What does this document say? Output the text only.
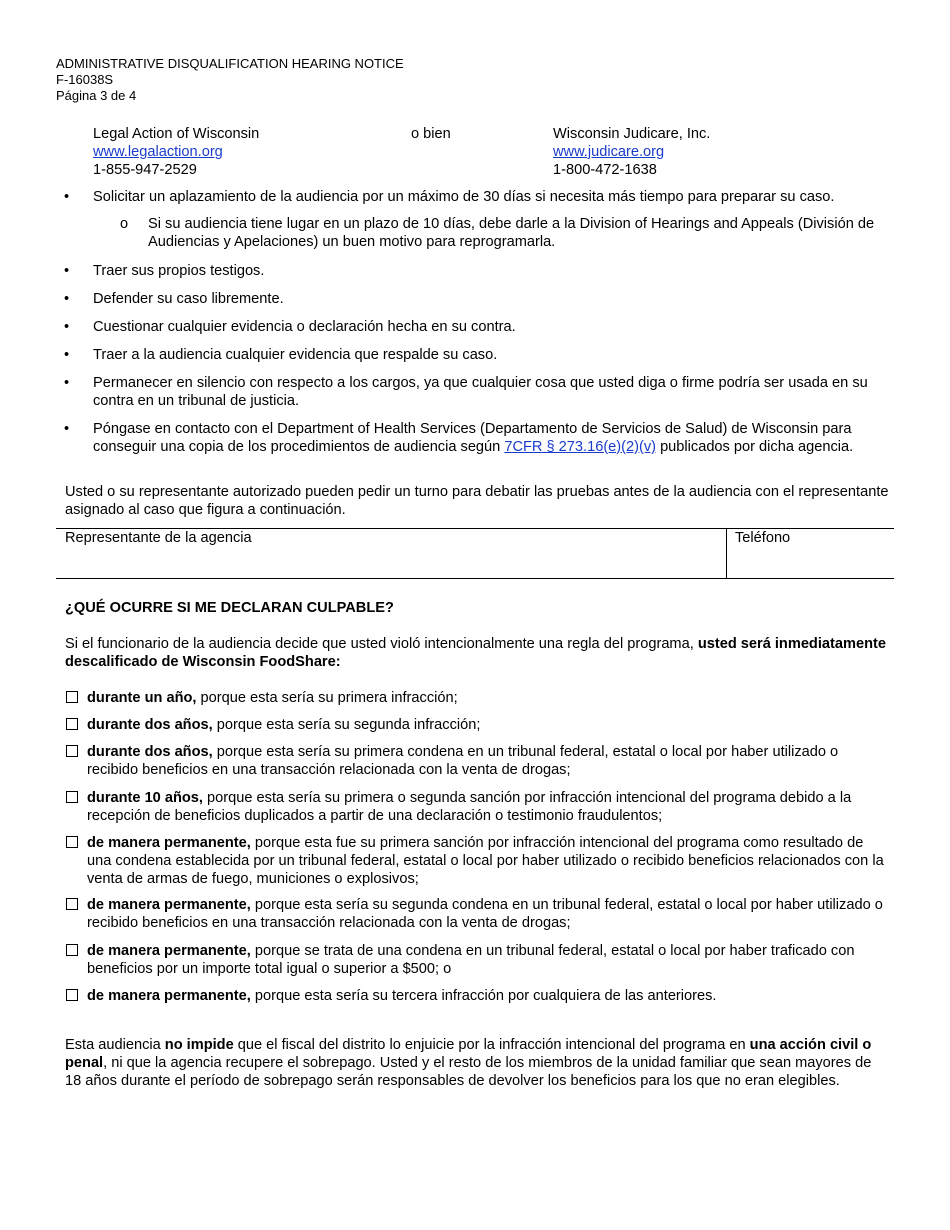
ADMINISTRATIVE DISQUALIFICATION HEARING NOTICE
F-16038S
Página 3 de 4
Legal Action of Wisconsin
www.legalaction.org
1-855-947-2529
o bien	Wisconsin Judicare, Inc.
www.judicare.org
1-800-472-1638
• Solicitar un aplazamiento de la audiencia por un máximo de 30 días si necesita más tiempo para preparar su caso.
o Si su audiencia tiene lugar en un plazo de 10 días, debe darle a la Division of Hearings and Appeals (División de Audiencias y Apelaciones) un buen motivo para reprogramarla.
• Traer sus propios testigos.
• Defender su caso libremente.
• Cuestionar cualquier evidencia o declaración hecha en su contra.
• Traer a la audiencia cualquier evidencia que respalde su caso.
• Permanecer en silencio con respecto a los cargos, ya que cualquier cosa que usted diga o firme podría ser usada en su contra en un tribunal de justicia.
• Póngase en contacto con el Department of Health Services (Departamento de Servicios de Salud) de Wisconsin para conseguir una copia de los procedimientos de audiencia según 7CFR § 273.16(e)(2)(v) publicados por dicha agencia.
Usted o su representante autorizado pueden pedir un turno para debatir las pruebas antes de la audiencia con el representante asignado al caso que figura a continuación.
Representante de la agencia	Teléfono
¿QUÉ OCURRE SI ME DECLARAN CULPABLE?
Si el funcionario de la audiencia decide que usted violó intencionalmente una regla del programa, usted será inmediatamente descalificado de Wisconsin FoodShare:
durante un año, porque esta sería su primera infracción;
durante dos años, porque esta sería su segunda infracción;
durante dos años, porque esta sería su primera condena en un tribunal federal, estatal o local por haber utilizado o recibido beneficios en una transacción relacionada con la venta de drogas;
durante 10 años, porque esta sería su primera o segunda sanción por infracción intencional del programa debido a la recepción de beneficios duplicados a partir de una declaración o testimonio fraudulentos;
de manera permanente, porque esta fue su primera sanción por infracción intencional del programa como resultado de una condena establecida por un tribunal federal, estatal o local por haber utilizado o recibido beneficios relacionados con la venta de armas de fuego, municiones o explosivos;
de manera permanente, porque esta sería su segunda condena en un tribunal federal, estatal o local por haber utilizado o recibido beneficios en una transacción relacionada con la venta de drogas;
de manera permanente, porque se trata de una condena en un tribunal federal, estatal o local por haber traficado con beneficios por un importe total igual o superior a $500; o
de manera permanente, porque esta sería su tercera infracción por cualquiera de las anteriores.
Esta audiencia no impide que el fiscal del distrito lo enjuicie por la infracción intencional del programa en una acción civil o penal, ni que la agencia recupere el sobrepago. Usted y el resto de los miembros de la unidad familiar que sean mayores de 18 años durante el período de sobrepago serán responsables de devolver los beneficios para los que no eran elegibles.
